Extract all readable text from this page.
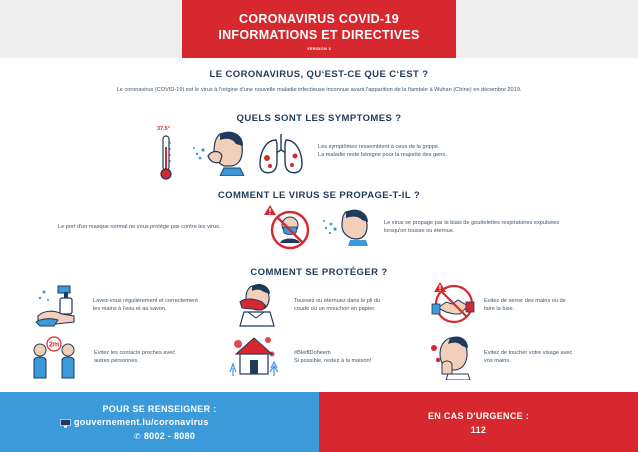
CORONAVIRUS COVID-19
INFORMATIONS ET DIRECTIVES
VERSION 3
LE CORONAVIRUS, QU‘EST-CE QUE C‘EST ?
Le coronavirus (COVID-19) est le virus à l'origine d'une nouvelle maladie infectieuse inconnue avant l'apparition de la flambée à Wuhan (Chine) en décembre 2019.
QUELS SONT LES SYMPTOMES ?
37,5°
Les symptômes ressemblent à ceux de la grippe.
La maladie reste bénigne pour la majorité des gens.
COMMENT LE VIRUS SE PROPAGE-T-IL ?
Le port d'un masque normal ne vous protège pas contre les virus.
Le virus se propage par le biais de gouttelettes respiratoires expulsées
lorsqu'on tousse ou éternue.
COMMENT SE PROTÉGER ?
Lavez-vous régulièrement et correctement
les mains à l'eau et au savon.
Toussez ou éternuez dans le pli du
coude ou un mouchoir en papier.
Evitez de serrer des mains ou de
faire la bise.
2m
Evitez les contacts proches avec
autres personnes.
#BleiftDoheem
Si possible, restez à la maison!
Evitez de toucher votre visage avec
vos mains.
POUR SE RENSEIGNER :
gouvernement.lu/coronavirus
✆ 8002 - 8080
EN CAS D'URGENCE :
112
